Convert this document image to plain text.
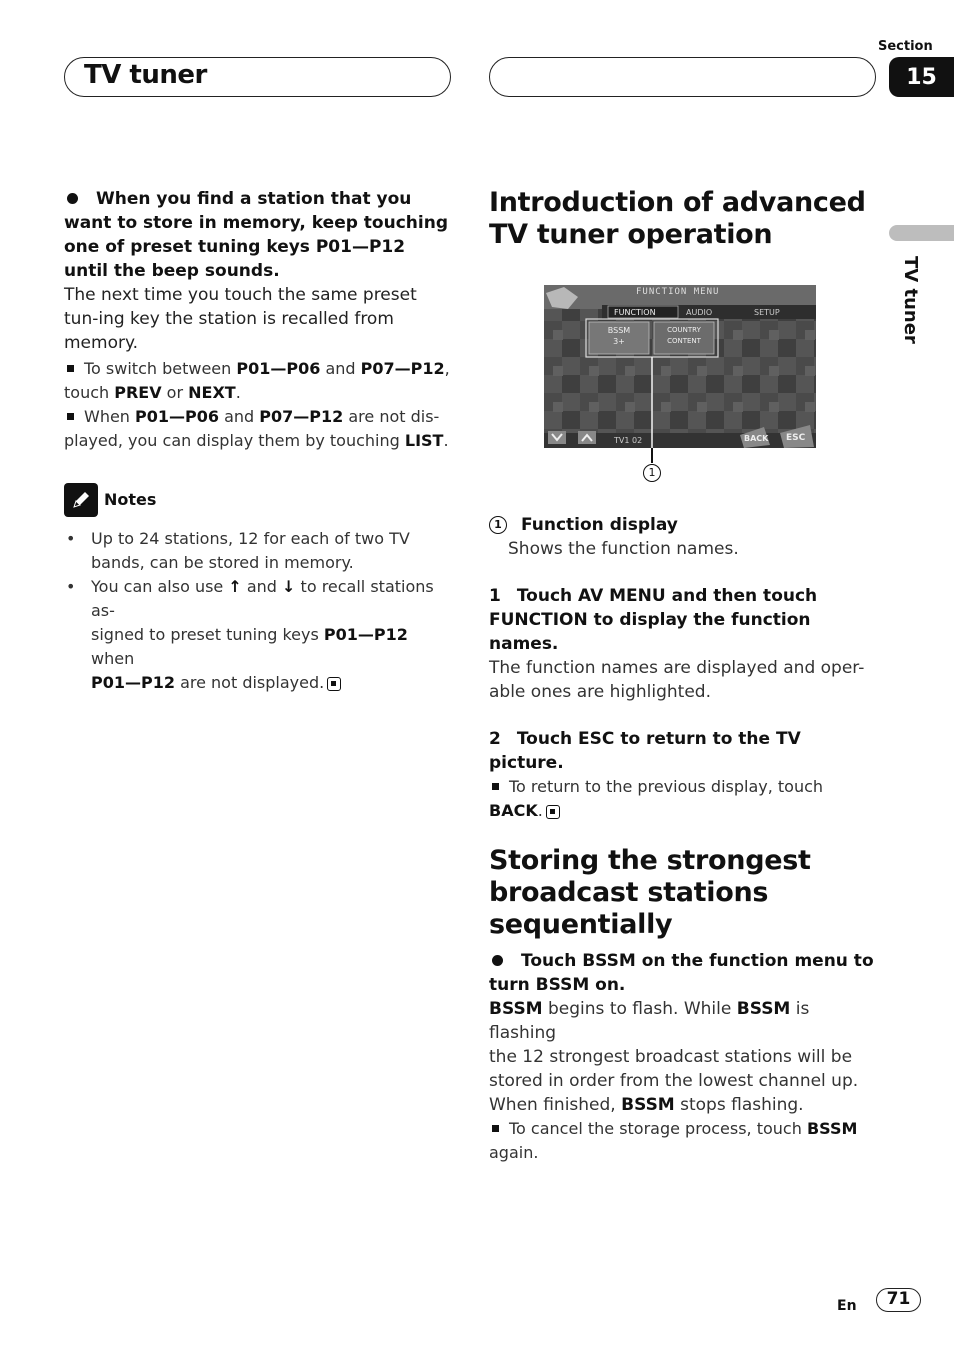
TV tuner
Section
15
TV tuner
When you find a station that you want to store in memory, keep touching one of preset tuning keys P01—P12 until the beep sounds.
The next time you touch the same preset tun-ing key the station is recalled from memory.
To switch between P01—P06 and P07—P12,
touch PREV or NEXT.
When P01—P06 and P07—P12 are not dis-
played, you can display them by touching LIST.
Notes
• Up to 24 stations, 12 for each of two TV bands, can be stored in memory.
• You can also use ↑ and ↓ to recall stations as-
signed to preset tuning keys P01—P12 when
P01—P12 are not displayed.
Introduction of advanced TV tuner operation
FUNCTION MENU
FUNCTION	AUDIO	SETUP
BSSM
3+
COUNTRY
CONTENT
TV1 02	BACK ESC
1
1 Function display
Shows the function names.
1 Touch AV MENU and then touch
FUNCTION to display the function names.
The function names are displayed and oper-
able ones are highlighted.
2 Touch ESC to return to the TV picture.
To return to the previous display, touch
BACK.
Storing the strongest
broadcast stations
sequentially
Touch BSSM on the function menu to
turn BSSM on.
BSSM begins to flash. While BSSM is flashing
the 12 strongest broadcast stations will be
stored in order from the lowest channel up.
When finished, BSSM stops flashing.
To cancel the storage process, touch BSSM
again.
En	71
